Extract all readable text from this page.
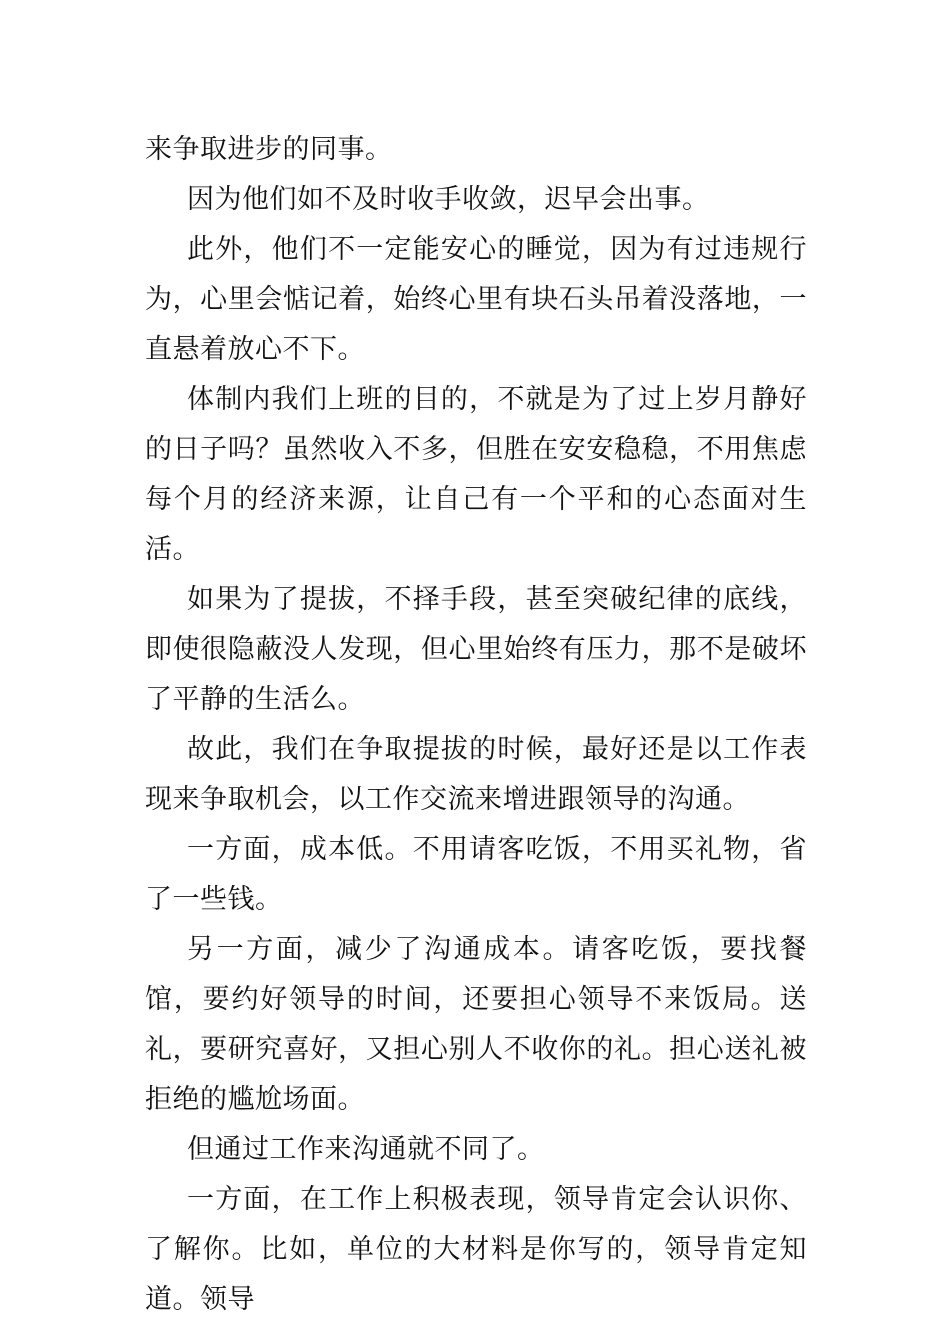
来争取进步的同事。

因为他们如不及时收手收敛，迟早会出事。

此外，他们不一定能安心的睡觉，因为有过违规行为，心里会惦记着，始终心里有块石头吊着没落地，一直悬着放心不下。

体制内我们上班的目的，不就是为了过上岁月静好的日子吗？虽然收入不多，但胜在安安稳稳，不用焦虑每个月的经济来源，让自己有一个平和的心态面对生活。

如果为了提拔，不择手段，甚至突破纪律的底线，即使很隐蔽没人发现，但心里始终有压力，那不是破坏了平静的生活么。

故此，我们在争取提拔的时候，最好还是以工作表现来争取机会，以工作交流来增进跟领导的沟通。

一方面，成本低。不用请客吃饭，不用买礼物，省了一些钱。

另一方面，减少了沟通成本。请客吃饭，要找餐馆，要约好领导的时间，还要担心领导不来饭局。送礼，要研究喜好，又担心别人不收你的礼。担心送礼被拒绝的尴尬场面。

但通过工作来沟通就不同了。

一方面，在工作上积极表现，领导肯定会认识你、了解你。比如，单位的大材料是你写的，领导肯定知道。领导
